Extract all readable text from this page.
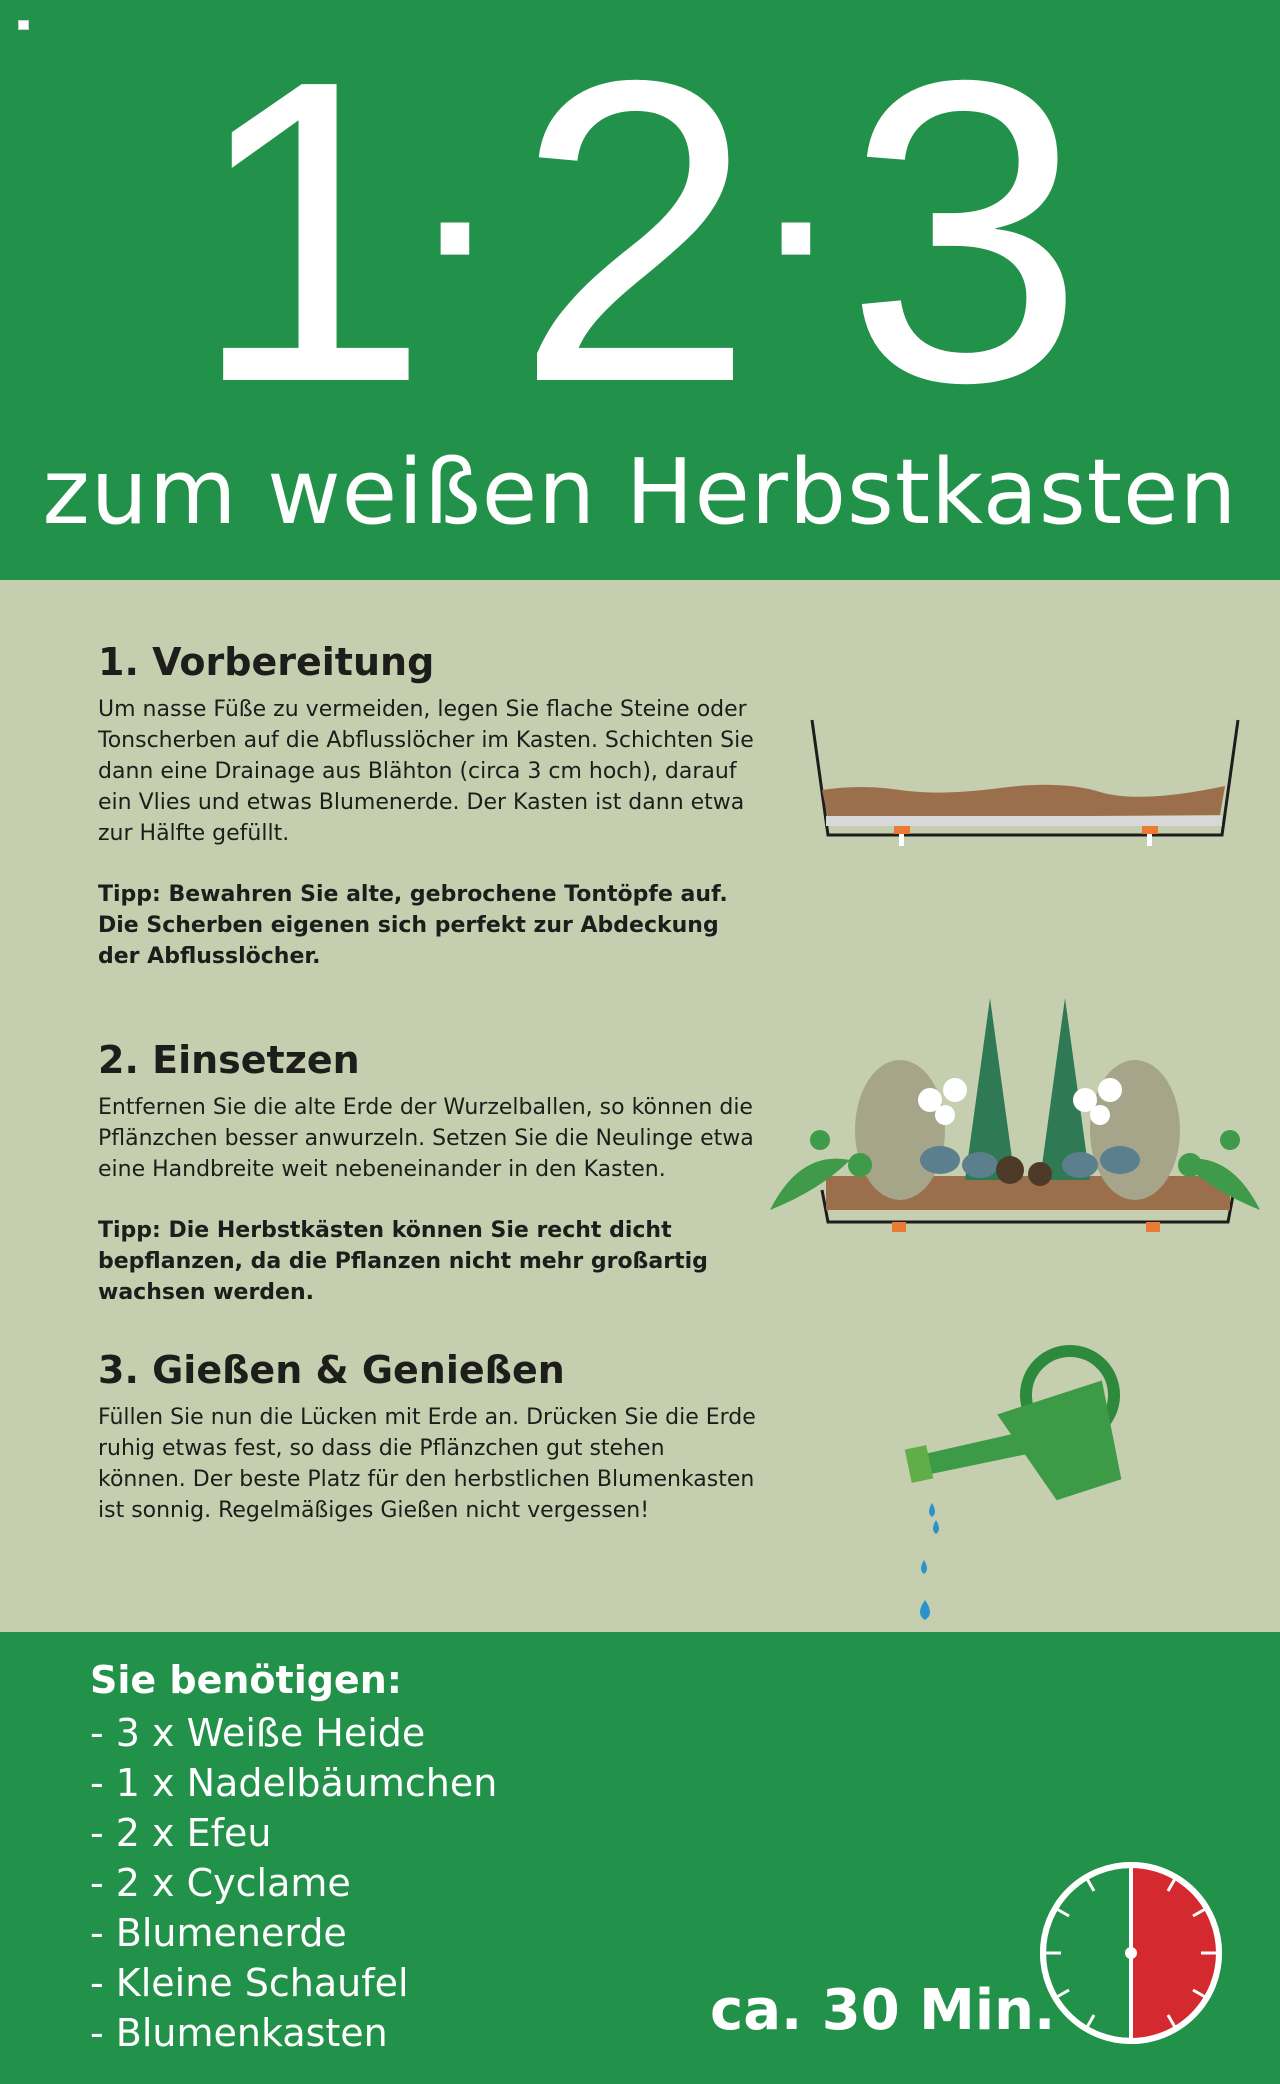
1
· 2
· 3
zum weißen Herbstkasten
1. Vorbereitung

Um nasse Füße zu vermeiden, legen Sie flache Steine oder Tonscherben auf die Abflusslöcher im Kasten. Schichten Sie dann eine Drainage aus Blähton (circa 3 cm hoch), darauf ein Vlies und etwas Blumenerde. Der Kasten ist dann etwa zur Hälfte gefüllt.

Tipp: Bewahren Sie alte, gebrochene Tontöpfe auf. Die Scherben eigenen sich perfekt zur Abdeckung der Abflusslöcher.

2. Einsetzen

Entfernen Sie die alte Erde der Wurzelballen, so können die Pflänzchen besser anwurzeln. Setzen Sie die Neulinge etwa eine Handbreite weit nebeneinander in den Kasten.

Tipp: Die Herbstkästen können Sie recht dicht bepflanzen, da die Pflanzen nicht mehr großartig wachsen werden.

3. Gießen & Genießen

Füllen Sie nun die Lücken mit Erde an. Drücken Sie die Erde ruhig etwas fest, so dass die Pflänzchen gut stehen können. Der beste Platz für den herbstlichen Blumenkasten ist sonnig. Regelmäßiges Gießen nicht vergessen!

Sie benötigen:
- 3 x Weiße Heide
- 1 x Nadelbäumchen
- 2 x Efeu
- 2 x Cyclame
- Blumenerde
- Kleine Schaufel
- Blumenkasten	ca. 30 Min.
